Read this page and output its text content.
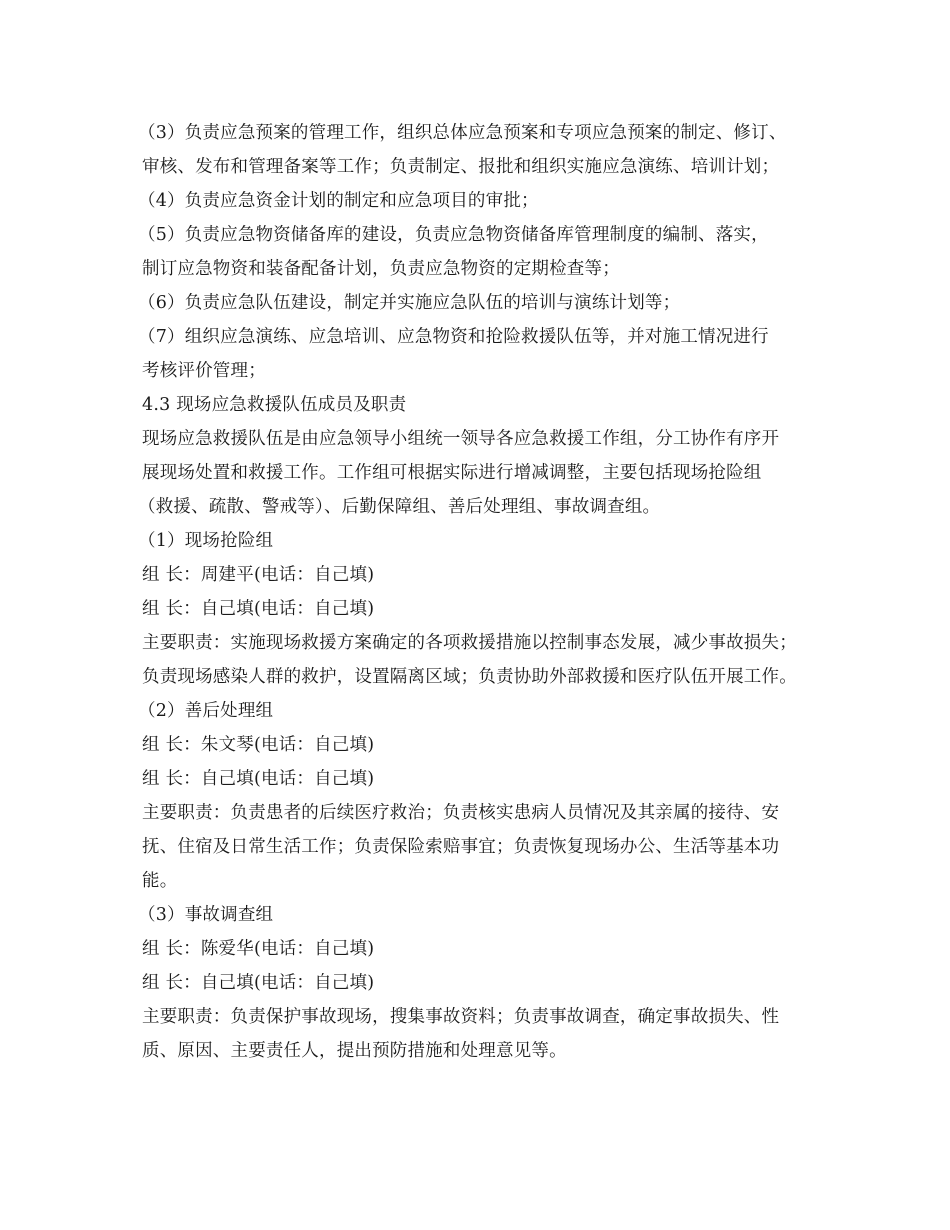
（3）负责应急预案的管理工作，组织总体应急预案和专项应急预案的制定、修订、
审核、发布和管理备案等工作；负责制定、报批和组织实施应急演练、培训计划；
（4）负责应急资金计划的制定和应急项目的审批；
（5）负责应急物资储备库的建设，负责应急物资储备库管理制度的编制、落实，
制订应急物资和装备配备计划，负责应急物资的定期检查等；
（6）负责应急队伍建设，制定并实施应急队伍的培训与演练计划等；
（7）组织应急演练、应急培训、应急物资和抢险救援队伍等，并对施工情况进行
考核评价管理；
4.3 现场应急救援队伍成员及职责
现场应急救援队伍是由应急领导小组统一领导各应急救援工作组，分工协作有序开
展现场处置和救援工作。工作组可根据实际进行增减调整，主要包括现场抢险组
（救援、疏散、警戒等）、后勤保障组、善后处理组、事故调查组。
（1）现场抢险组
组 长：周建平(电话：自己填)
组 长：自己填(电话：自己填)
主要职责：实施现场救援方案确定的各项救援措施以控制事态发展，减少事故损失；
负责现场感染人群的救护，设置隔离区域；负责协助外部救援和医疗队伍开展工作。
（2）善后处理组
组 长：朱文琴(电话：自己填)
组 长：自己填(电话：自己填)
主要职责：负责患者的后续医疗救治；负责核实患病人员情况及其亲属的接待、安
抚、住宿及日常生活工作；负责保险索赔事宜；负责恢复现场办公、生活等基本功
能。
（3）事故调查组
组 长：陈爱华(电话：自己填)
组 长：自己填(电话：自己填)
主要职责：负责保护事故现场，搜集事故资料；负责事故调查，确定事故损失、性
质、原因、主要责任人，提出预防措施和处理意见等。
